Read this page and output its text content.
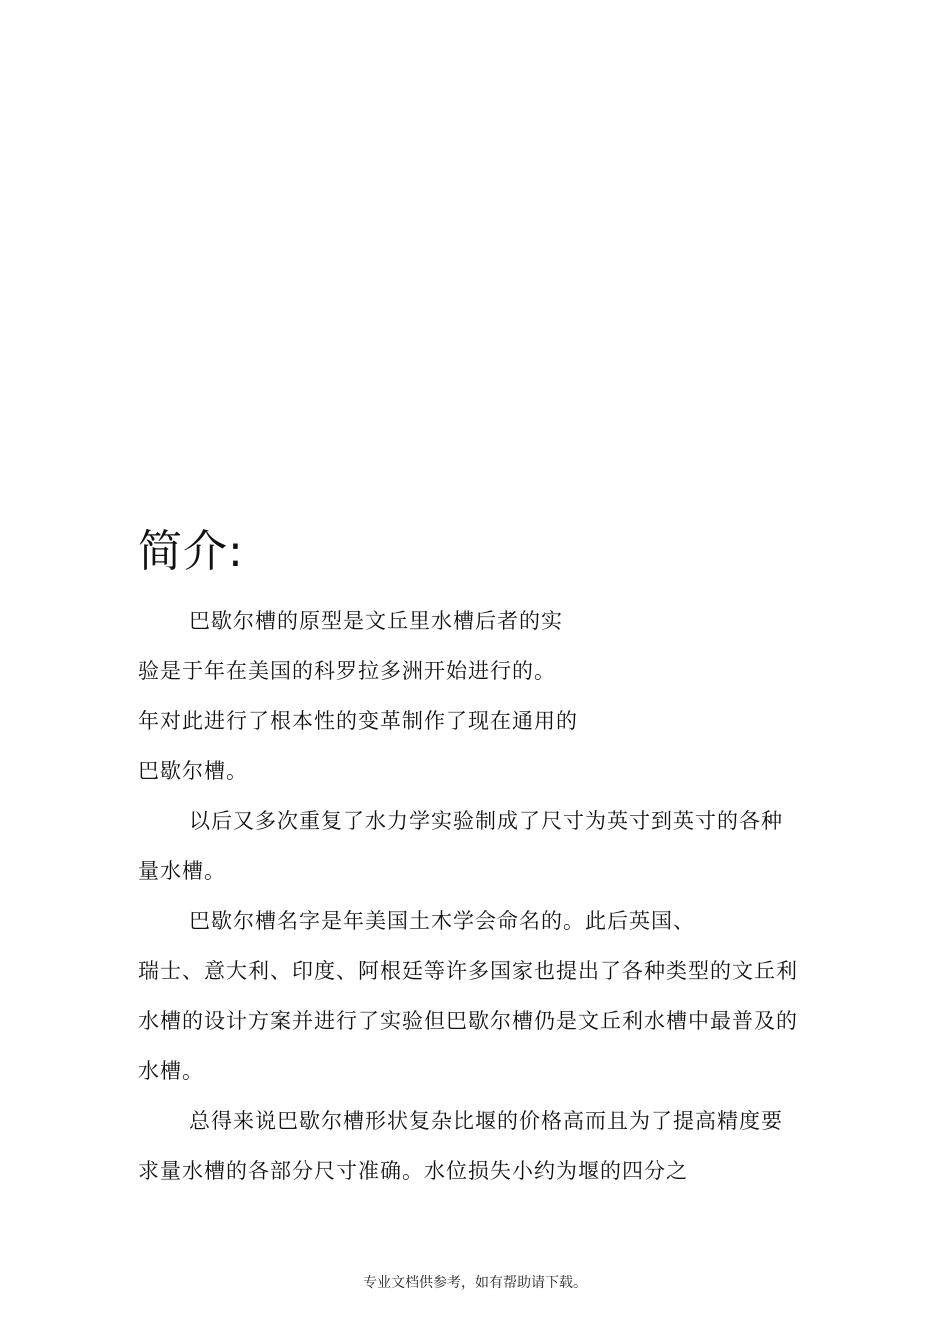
简介:
巴歇尔槽的原型是文丘里水槽后者的实
验是于年在美国的科罗拉多洲开始进行的。
年对此进行了根本性的变革制作了现在通用的
巴歇尔槽。
以后又多次重复了水力学实验制成了尺寸为英寸到英寸的各种
量水槽。
巴歇尔槽名字是年美国土木学会命名的。此后英国、
瑞士、意大利、印度、阿根廷等许多国家也提出了各种类型的文丘利
水槽的设计方案并进行了实验但巴歇尔槽仍是文丘利水槽中最普及的
水槽。
总得来说巴歇尔槽形状复杂比堰的价格高而且为了提高精度要
求量水槽的各部分尺寸准确。水位损失小约为堰的四分之
专业文档供参考，如有帮助请下载。
